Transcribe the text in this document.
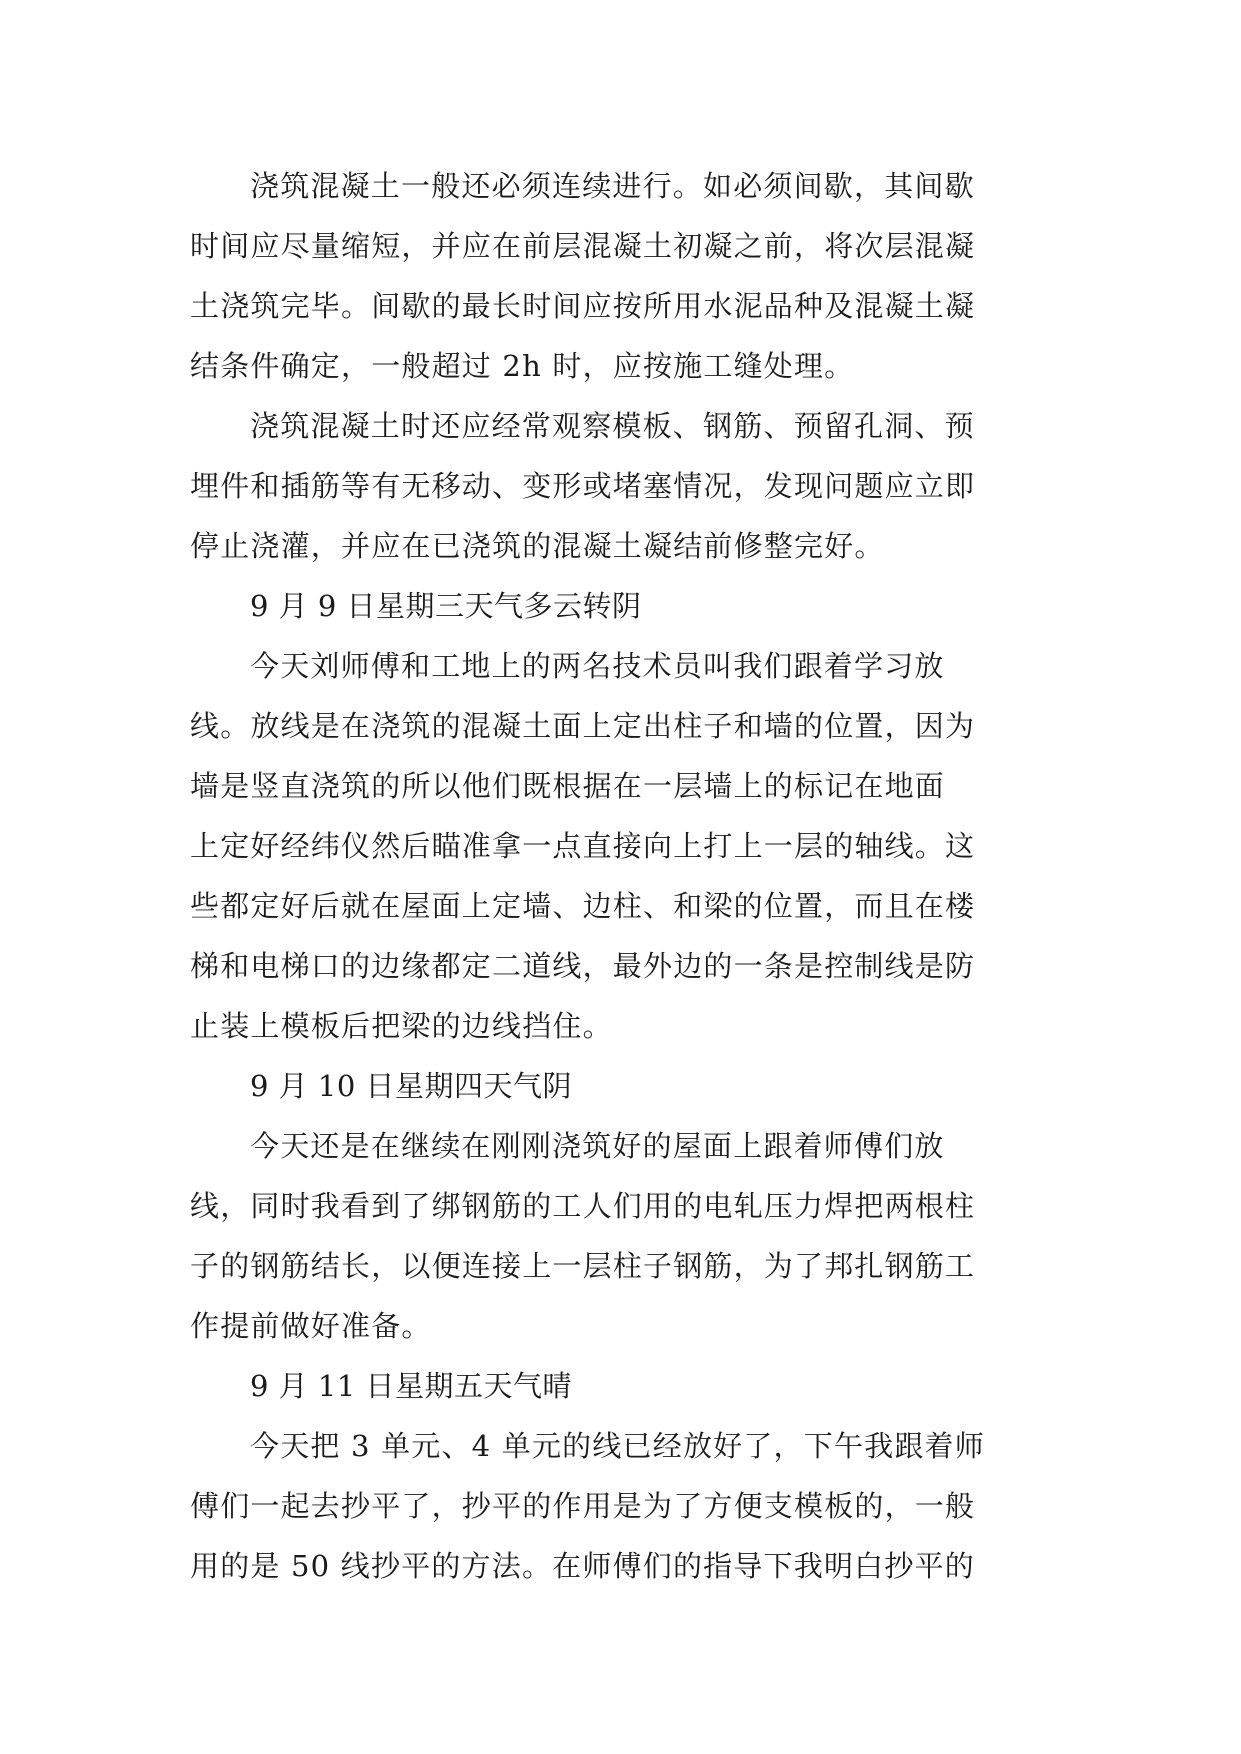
浇筑混凝土一般还必须连续进行。如必须间歇，其间歇
时间应尽量缩短，并应在前层混凝土初凝之前，将次层混凝
土浇筑完毕。间歇的最长时间应按所用水泥品种及混凝土凝
结条件确定，一般超过 2h 时，应按施工缝处理。
浇筑混凝土时还应经常观察模板、钢筋、预留孔洞、预
埋件和插筋等有无移动、变形或堵塞情况，发现问题应立即
停止浇灌，并应在已浇筑的混凝土凝结前修整完好。
9 月 9 日星期三天气多云转阴
今天刘师傅和工地上的两名技术员叫我们跟着学习放
线。放线是在浇筑的混凝土面上定出柱子和墙的位置，因为
墙是竖直浇筑的所以他们既根据在一层墙上的标记在地面
上定好经纬仪然后瞄准拿一点直接向上打上一层的轴线。这
些都定好后就在屋面上定墙、边柱、和梁的位置，而且在楼
梯和电梯口的边缘都定二道线，最外边的一条是控制线是防
止装上模板后把梁的边线挡住。
9 月 10 日星期四天气阴
今天还是在继续在刚刚浇筑好的屋面上跟着师傅们放
线，同时我看到了绑钢筋的工人们用的电轧压力焊把两根柱
子的钢筋结长，以便连接上一层柱子钢筋，为了邦扎钢筋工
作提前做好准备。
9 月 11 日星期五天气晴
今天把 3 单元、4 单元的线已经放好了，下午我跟着师
傅们一起去抄平了，抄平的作用是为了方便支模板的，一般
用的是 50 线抄平的方法。在师傅们的指导下我明白抄平的
